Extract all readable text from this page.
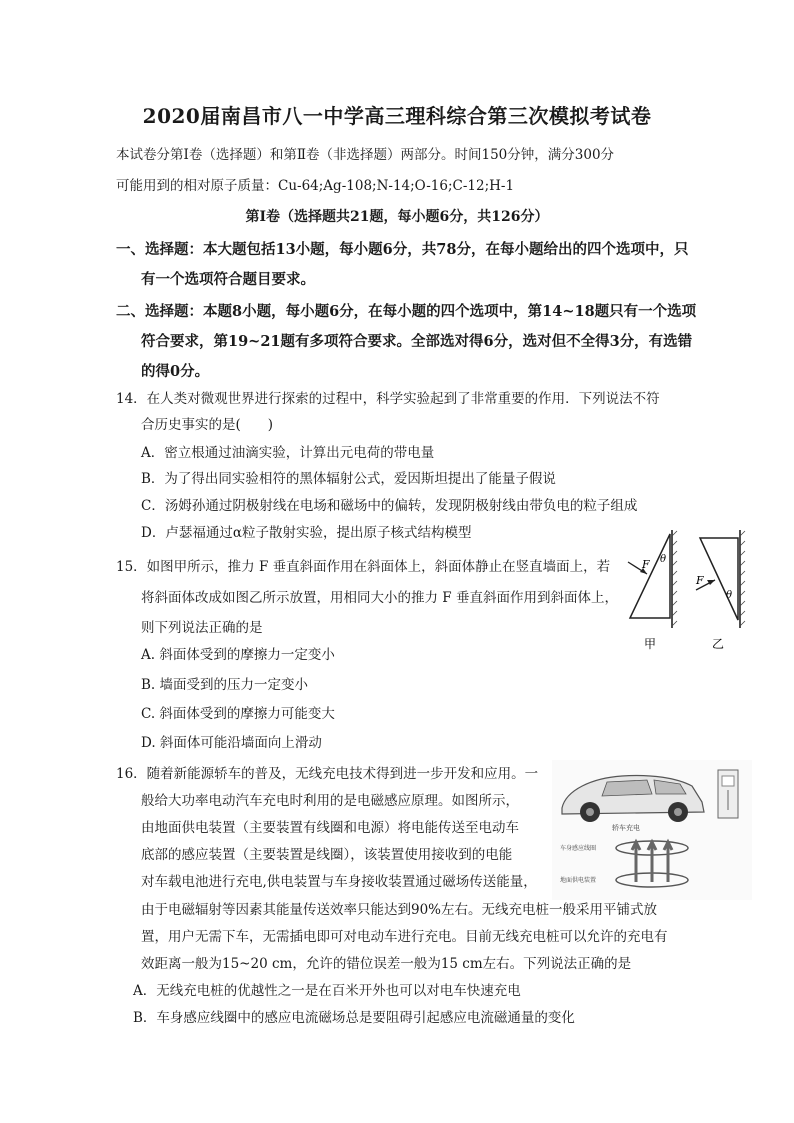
2020届南昌市八一中学高三理科综合第三次模拟考试卷
本试卷分第Ⅰ卷（选择题）和第Ⅱ卷（非选择题）两部分。时间150分钟，满分300分
可能用到的相对原子质量：Cu-64;Ag-108;N-14;O-16;C-12;H-1
第Ⅰ卷（选择题共21题，每小题6分，共126分）
一、选择题：本大题包括13小题，每小题6分，共78分，在每小题给出的四个选项中，只
有一个选项符合题目要求。
二、选择题：本题8小题，每小题6分，在每小题的四个选项中，第14~18题只有一个选项
符合要求，第19~21题有多项符合要求。全部选对得6分，选对但不全得3分，有选错
的得0分。
14．在人类对微观世界进行探索的过程中，科学实验起到了非常重要的作用．下列说法不符
合历史事实的是(　　)
A．密立根通过油滴实验，计算出元电荷的带电量
B．为了得出同实验相符的黑体辐射公式，爱因斯坦提出了能量子假说
C．汤姆孙通过阴极射线在电场和磁场中的偏转，发现阴极射线由带负电的粒子组成
D．卢瑟福通过α粒子散射实验，提出原子核式结构模型
15．如图甲所示，推力 F 垂直斜面作用在斜面体上，斜面体静止在竖直墙面上，若
将斜面体改成如图乙所示放置，用相同大小的推力 F 垂直斜面作用到斜面体上，
则下列说法正确的是
A. 斜面体受到的摩擦力一定变小
B. 墙面受到的压力一定变小
C. 斜面体受到的摩擦力可能变大
D. 斜面体可能沿墙面向上滑动
F θ
甲
F
θ
乙
16．随着新能源轿车的普及，无线充电技术得到进一步开发和应用。一
般给大功率电动汽车充电时利用的是电磁感应原理。如图所示，
由地面供电装置（主要装置有线圈和电源）将电能传送至电动车
底部的感应装置（主要装置是线圈），该装置使用接收到的电能
对车载电池进行充电,供电装置与车身接收装置通过磁场传送能量，
由于电磁辐射等因素其能量传送效率只能达到90%左右。无线充电桩一般采用平铺式放
置，用户无需下车，无需插电即可对电动车进行充电。目前无线充电桩可以允许的充电有
效距离一般为15~20 cm，允许的错位误差一般为15 cm左右。下列说法正确的是
A．无线充电桩的优越性之一是在百米开外也可以对电车快速充电
B．车身感应线圈中的感应电流磁场总是要阻碍引起感应电流磁通量的变化
轿车充电
车身感应线圈
地面供电装置
